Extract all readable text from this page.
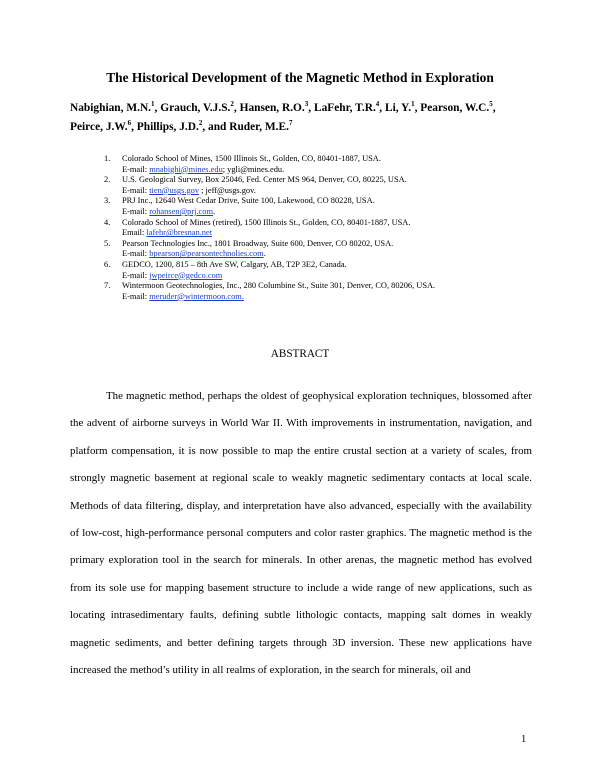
The Historical Development of the Magnetic Method in Exploration
Nabighian, M.N.$^1$, Grauch, V.J.S.$^2$, Hansen, R.O.$^3$, LaFehr, T.R.$^4$, Li, Y.$^1$, Pearson, W.C.$^5$,
Peirce, J.W.$^6$, Phillips, J.D.$^2$, and Ruder, M.E.$^7$
1. Colorado School of Mines, 1500 Illinois St., Golden, CO, 80401-1887, USA.
E-mail: mnabighi@mines.edu; ygli@mines.edu.
2. U.S. Geological Survey, Box 25046, Fed. Center MS 964, Denver, CO, 80225, USA.
E-mail: tien@usgs.gov ; jeff@usgs.gov.
3. PRJ Inc., 12640 West Cedar Drive, Suite 100, Lakewood, CO 80228, USA.
E-mail: rohansen@prj.com.
4. Colorado School of Mines (retired), 1500 Illinois St., Golden, CO, 80401-1887, USA.
Email: lafehr@bresnan.net
5. Pearson Technologies Inc., 1801 Broadway, Suite 600, Denver, CO 80202, USA.
E-mail: bpearson@pearsontechnolies.com.
6. GEDCO, 1200, 815 – 8th Ave SW, Calgary, AB, T2P 3E2, Canada.
E-mail: jwpeirce@gedco.com
7. Wintermoon Geotechnologies, Inc., 280 Columbine St., Suite 301, Denver, CO, 80206, USA.
E-mail: meruder@wintermoon.com.
ABSTRACT

The magnetic method, perhaps the oldest of geophysical exploration techniques, blossomed after the advent of airborne surveys in World War II. With improvements in instrumentation, navigation, and platform compensation, it is now possible to map the entire crustal section at a variety of scales, from strongly magnetic basement at regional scale to weakly magnetic sedimentary contacts at local scale. Methods of data filtering, display, and interpretation have also advanced, especially with the availability of low-cost, high-performance personal computers and color raster graphics. The magnetic method is the primary exploration tool in the search for minerals. In other arenas, the magnetic method has evolved from its sole use for mapping basement structure to include a wide range of new applications, such as locating intrasedimentary faults, defining subtle lithologic contacts, mapping salt domes in weakly magnetic sediments, and better defining targets through 3D inversion. These new applications have increased the method’s utility in all realms of exploration, in the search for minerals, oil and

1
